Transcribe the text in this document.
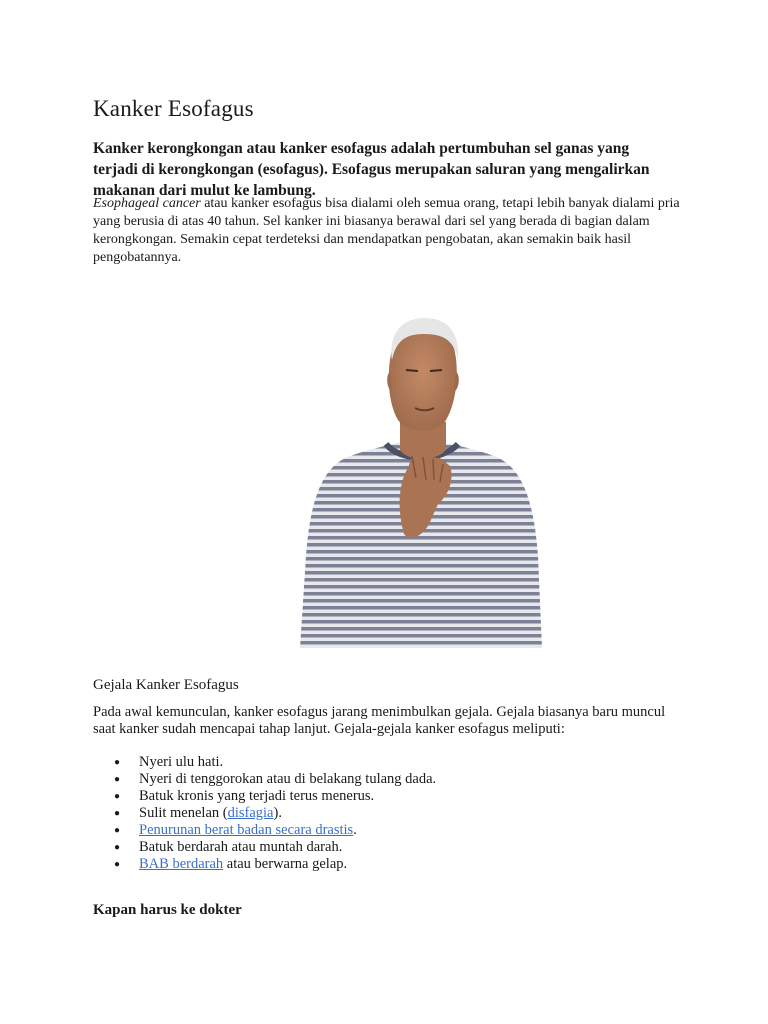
Kanker Esofagus

Kanker kerongkongan atau kanker esofagus adalah pertumbuhan sel ganas yang terjadi di kerongkongan (esofagus). Esofagus merupakan saluran yang mengalirkan makanan dari mulut ke lambung.

Esophageal cancer atau kanker esofagus bisa dialami oleh semua orang, tetapi lebih banyak dialami pria yang berusia di atas 40 tahun. Sel kanker ini biasanya berawal dari sel yang berada di bagian dalam kerongkongan. Semakin cepat terdeteksi dan mendapatkan pengobatan, akan semakin baik hasil
pengobatannya.

Gejala Kanker Esofagus

Pada awal kemunculan, kanker esofagus jarang menimbulkan gejala. Gejala biasanya baru muncul saat kanker sudah mencapai tahap lanjut. Gejala-gejala kanker esofagus meliputi:

● Nyeri ulu hati.
● Nyeri di tenggorokan atau di belakang tulang dada.
● Batuk kronis yang terjadi terus menerus.
● Sulit menelan (disfagia).
● Penurunan berat badan secara drastis.
● Batuk berdarah atau muntah darah.
● BAB berdarah atau berwarna gelap.
Kapan harus ke dokter
